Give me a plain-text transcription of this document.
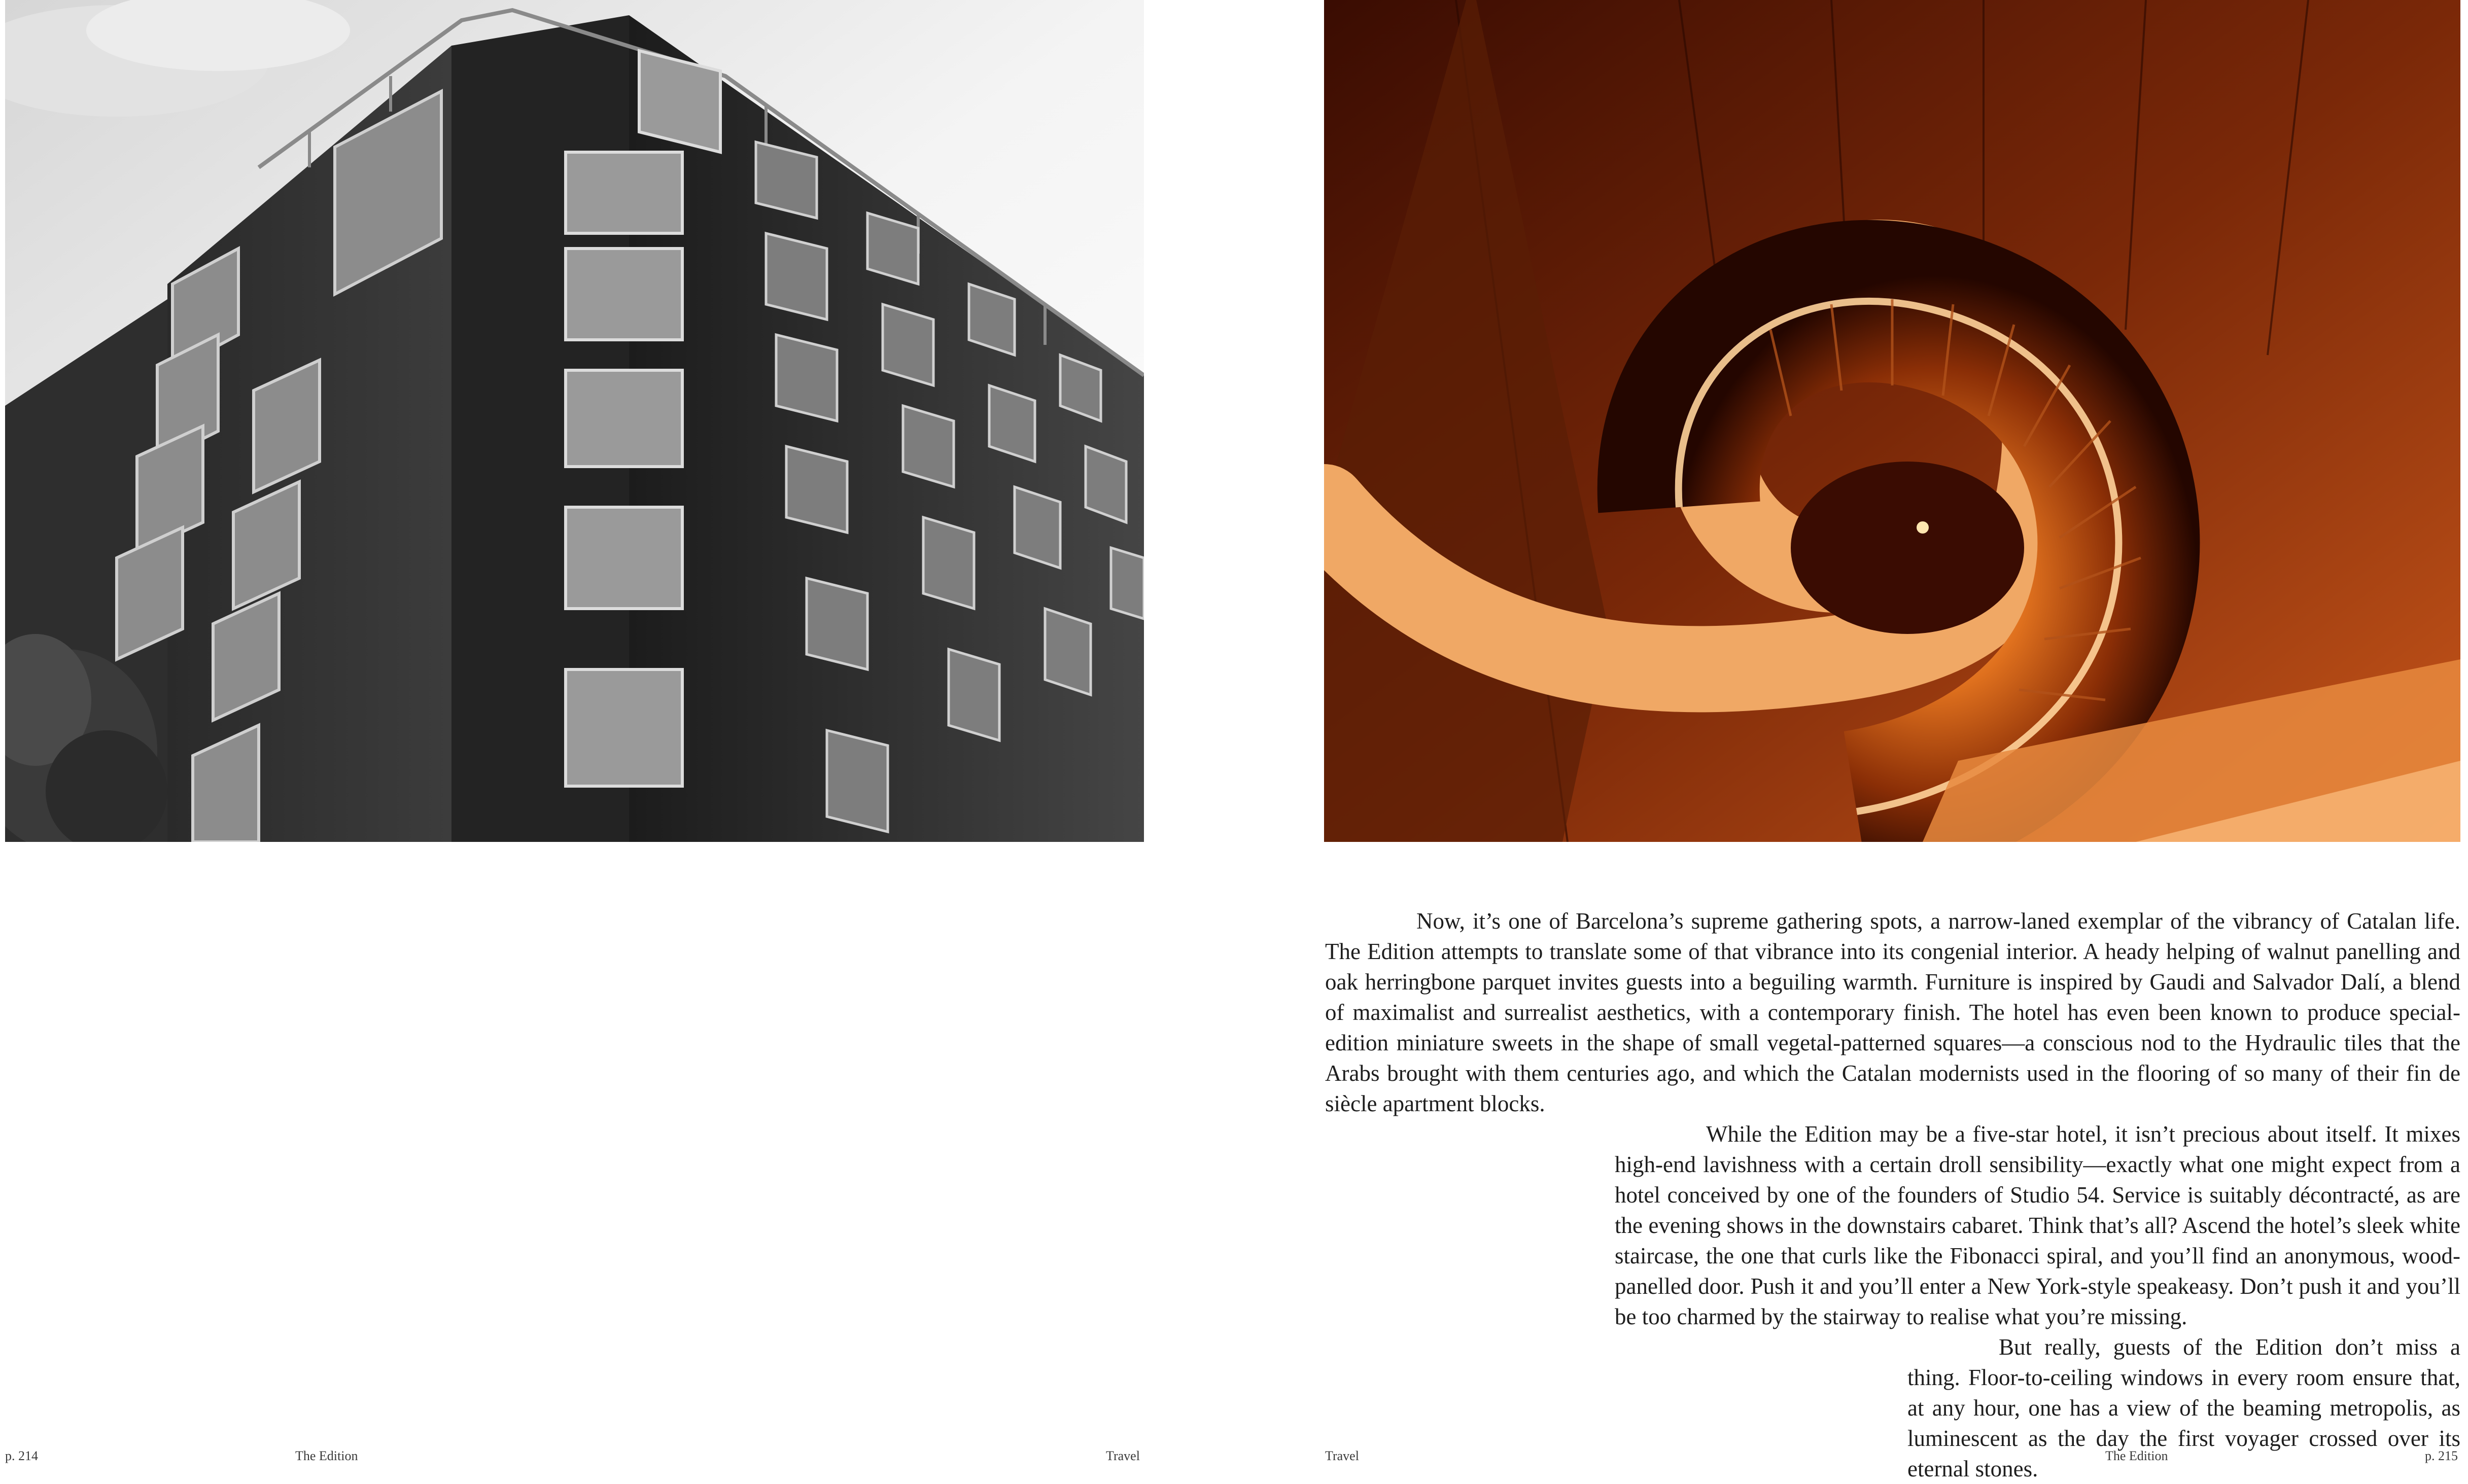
Now, it’s one of Barcelona’s supreme gathering spots, a narrow-laned exemplar of the vibrancy of Catalan life. The Edition attempts to translate some of that vibrance into its congenial interior. A heady helping of walnut panelling and oak herringbone parquet invites guests into a beguiling warmth. Furniture is inspired by Gaudi and Salvador Dalí, a blend of maximalist and surrealist aesthetics, with a contemporary finish. The hotel has even been known to produce special-edition miniature sweets in the shape of small vegetal-patterned squares—a conscious nod to the Hydraulic tiles that the Arabs brought with them centuries ago, and which the Catalan modernists used in the flooring of so many of their fin de siècle apartment blocks.

While the Edition may be a five-star hotel, it isn’t precious about itself. It mixes high-end lavishness with a certain droll sensibility—exactly what one might expect from a hotel conceived by one of the founders of Studio 54. Service is suitably décontracté, as are the evening shows in the downstairs cabaret. Think that’s all? Ascend the hotel’s sleek white staircase, the one that curls like the Fibonacci spiral, and you’ll find an anonymous, wood-panelled door. Push it and you’ll enter a New York-style speakeasy. Don’t push it and you’ll be too charmed by the stairway to realise what you’re missing.

But really, guests of the Edition don’t miss a thing. Floor-to-ceiling windows in every room ensure that, at any hour, one has a view of the beaming metropolis, as luminescent as the day the first voyager crossed over its eternal stones.

p. 214	The Edition	Travel	Travel	The Edition	p. 215
